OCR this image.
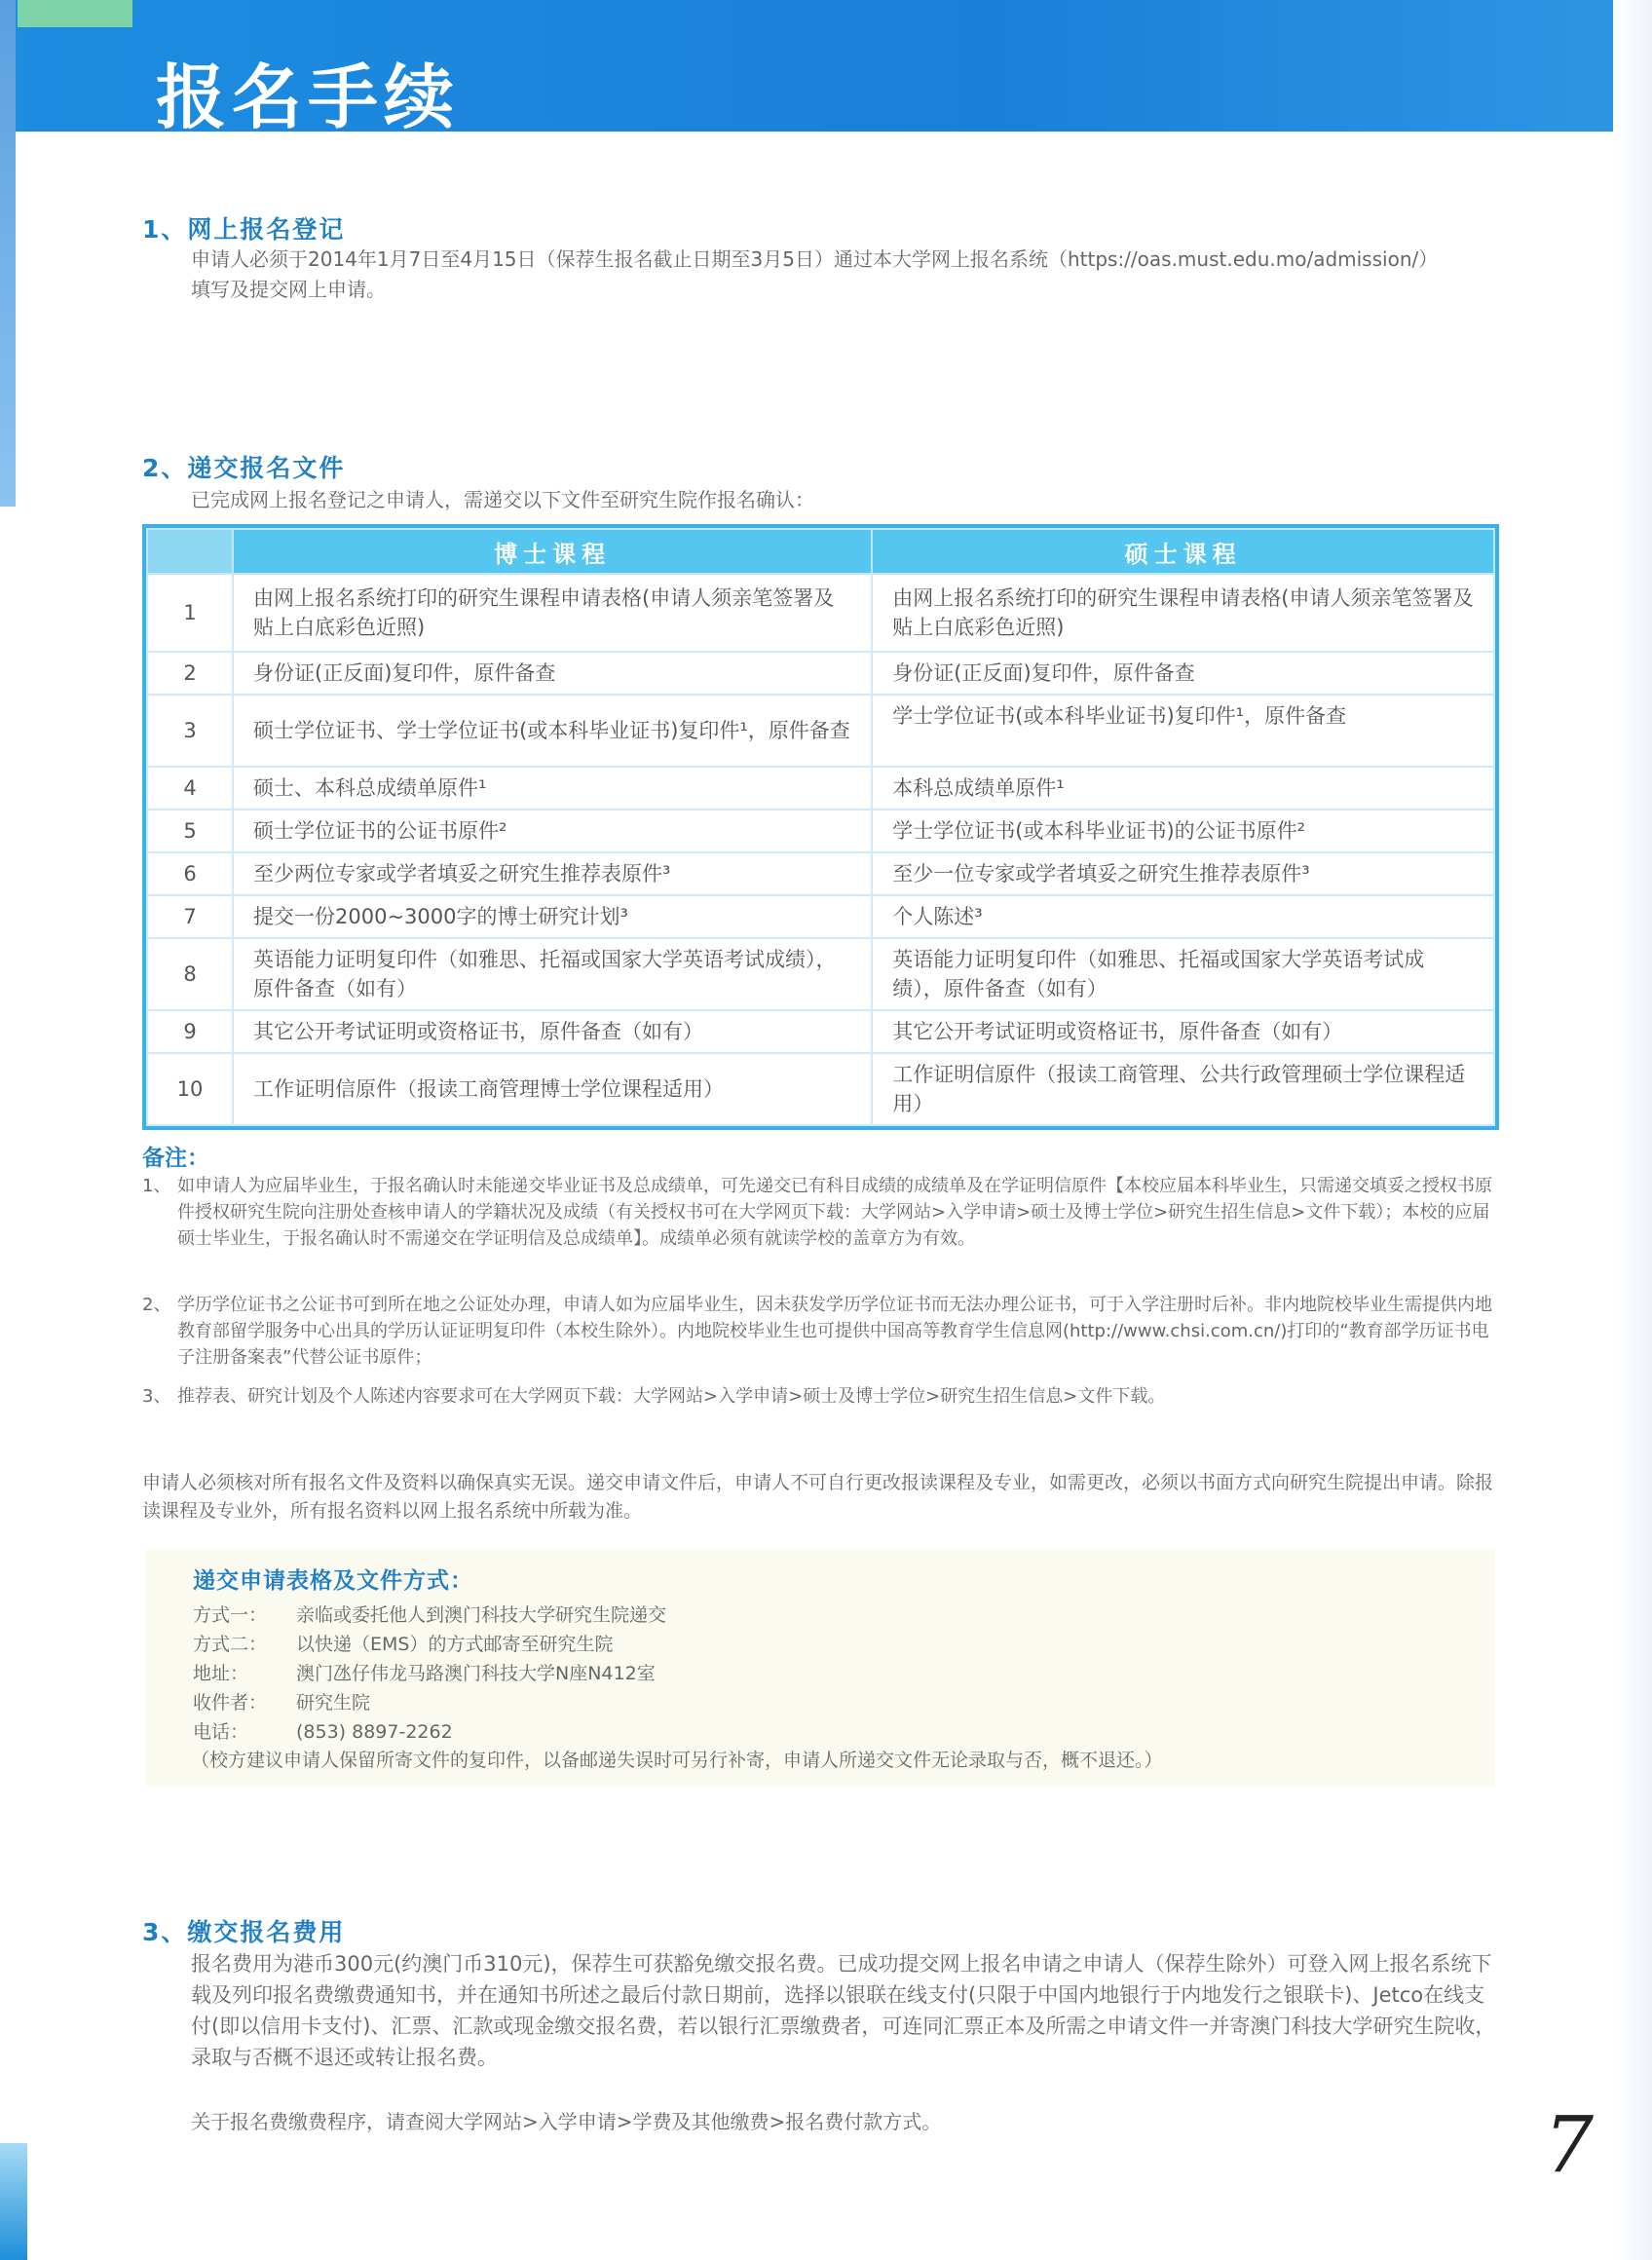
报名手续
1、网上报名登记
申请人必须于2014年1月7日至4月15日（保荐生报名截止日期至3月5日）通过本大学网上报名系统（https://oas.must.edu.mo/admission/）
填写及提交网上申请。
2、递交报名文件
已完成网上报名登记之申请人，需递交以下文件至研究生院作报名确认：
	博士课程	硕士课程
1	由网上报名系统打印的研究生课程申请表格(申请人须亲笔签署及贴上白底彩色近照)	由网上报名系统打印的研究生课程申请表格(申请人须亲笔签署及贴上白底彩色近照)
2	身份证(正反面)复印件，原件备查	身份证(正反面)复印件，原件备查
3	硕士学位证书、学士学位证书(或本科毕业证书)复印件¹，原件备查	学士学位证书(或本科毕业证书)复印件¹，原件备查
4	硕士、本科总成绩单原件¹	本科总成绩单原件¹
5	硕士学位证书的公证书原件²	学士学位证书(或本科毕业证书)的公证书原件²
6	至少两位专家或学者填妥之研究生推荐表原件³	至少一位专家或学者填妥之研究生推荐表原件³
7	提交一份2000~3000字的博士研究计划³	个人陈述³
8	英语能力证明复印件（如雅思、托福或国家大学英语考试成绩），原件备查（如有）	英语能力证明复印件（如雅思、托福或国家大学英语考试成绩），原件备查（如有）
9	其它公开考试证明或资格证书，原件备查（如有）	其它公开考试证明或资格证书，原件备查（如有）
10	工作证明信原件（报读工商管理博士学位课程适用）	工作证明信原件（报读工商管理、公共行政管理硕士学位课程适用）
备注：
1、 如申请人为应届毕业生，于报名确认时未能递交毕业证书及总成绩单，可先递交已有科目成绩的成绩单及在学证明信原件【本校应届本科毕业生，只需递交填妥之授权书原件授权研究生院向注册处查核申请人的学籍状况及成绩（有关授权书可在大学网页下载：大学网站>入学申请>硕士及博士学位>研究生招生信息>文件下载）；本校的应届硕士毕业生，于报名确认时不需递交在学证明信及总成绩单】。成绩单必须有就读学校的盖章方为有效。
2、 学历学位证书之公证书可到所在地之公证处办理，申请人如为应届毕业生，因未获发学历学位证书而无法办理公证书，可于入学注册时后补。非内地院校毕业生需提供内地教育部留学服务中心出具的学历认证证明复印件（本校生除外）。内地院校毕业生也可提供中国高等教育学生信息网(http://www.chsi.com.cn/)打印的“教育部学历证书电子注册备案表”代替公证书原件；
3、 推荐表、研究计划及个人陈述内容要求可在大学网页下载：大学网站>入学申请>硕士及博士学位>研究生招生信息>文件下载。
申请人必须核对所有报名文件及资料以确保真实无误。递交申请文件后，申请人不可自行更改报读课程及专业，如需更改，必须以书面方式向研究生院提出申请。除报读课程及专业外，所有报名资料以网上报名系统中所载为准。
递交申请表格及文件方式：
方式一： 亲临或委托他人到澳门科技大学研究生院递交
方式二： 以快递（EMS）的方式邮寄至研究生院
地址：	澳门氹仔伟龙马路澳门科技大学N座N412室
收件者： 研究生院
电话：	(853) 8897-2262
（校方建议申请人保留所寄文件的复印件，以备邮递失误时可另行补寄，申请人所递交文件无论录取与否，概不退还。）
3、缴交报名费用
报名费用为港币300元(约澳门币310元)，保荐生可获豁免缴交报名费。已成功提交网上报名申请之申请人（保荐生除外）可登入网上报名系统下载及列印报名费缴费通知书，并在通知书所述之最后付款日期前，选择以银联在线支付(只限于中国内地银行于内地发行之银联卡)、Jetco在线支付(即以信用卡支付)、汇票、汇款或现金缴交报名费，若以银行汇票缴费者，可连同汇票正本及所需之申请文件一并寄澳门科技大学研究生院收，录取与否概不退还或转让报名费。
关于报名费缴费程序，请查阅大学网站>入学申请>学费及其他缴费>报名费付款方式。	7
